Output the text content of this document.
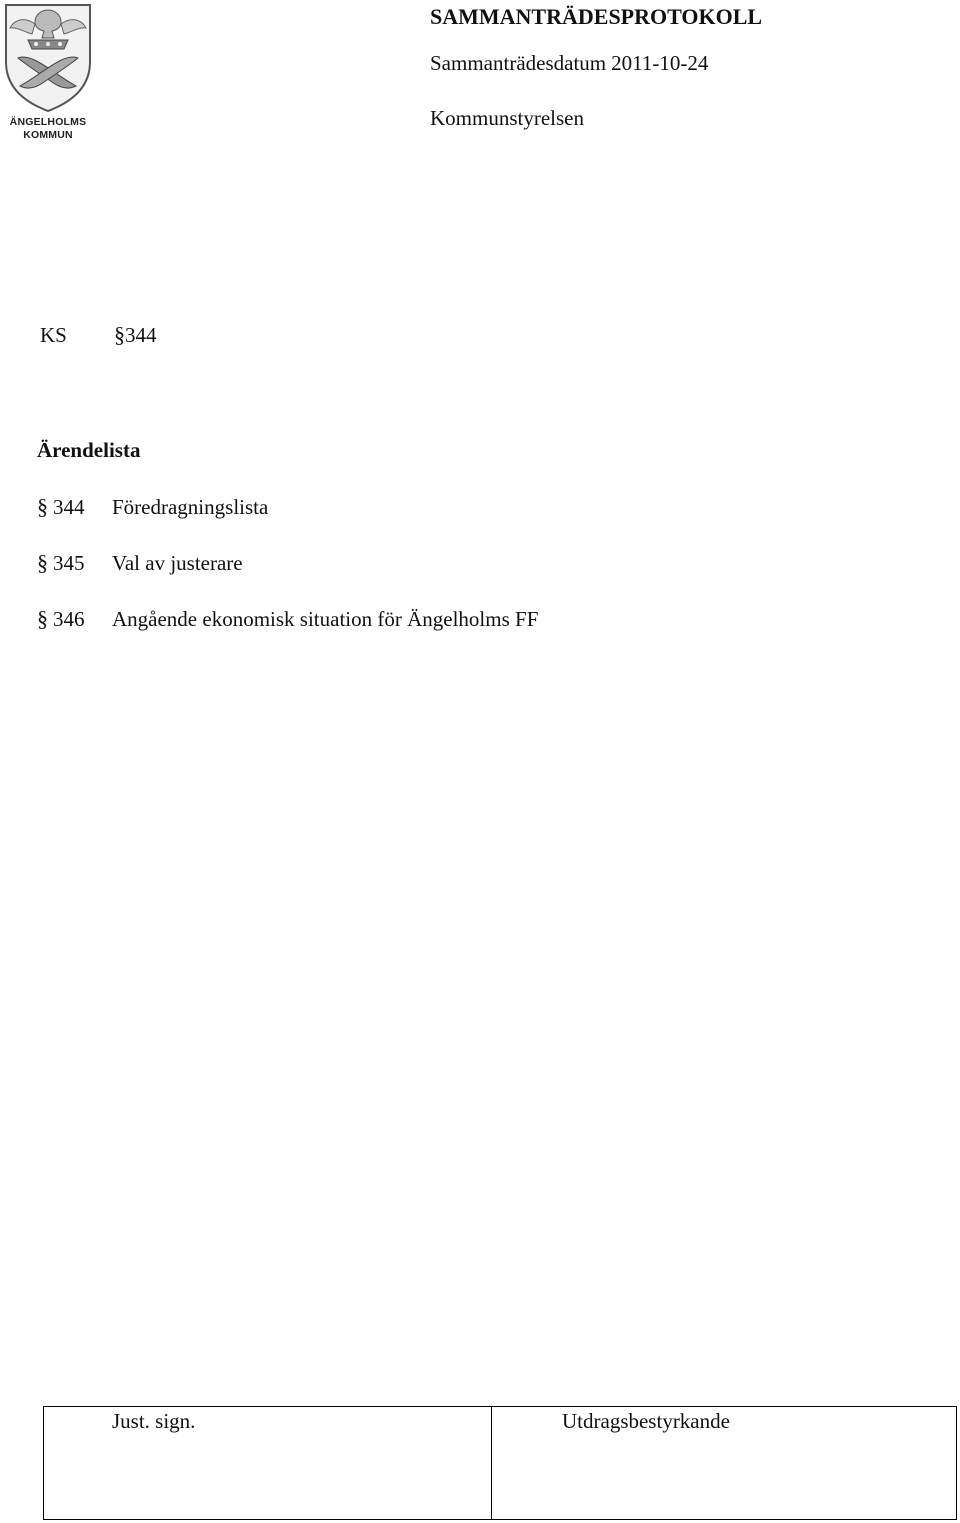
ÄNGELHOLMS
KOMMUN
SAMMANTRÄDESPROTOKOLL
Sammanträdesdatum 2011-10-24
Kommunstyrelsen
KS §344
Ärendelista
§ 344 Föredragningslista
§ 345 Val av justerare
§ 346 Angående ekonomisk situation för Ängelholms FF
Just. sign.	Utdragsbestyrkande
